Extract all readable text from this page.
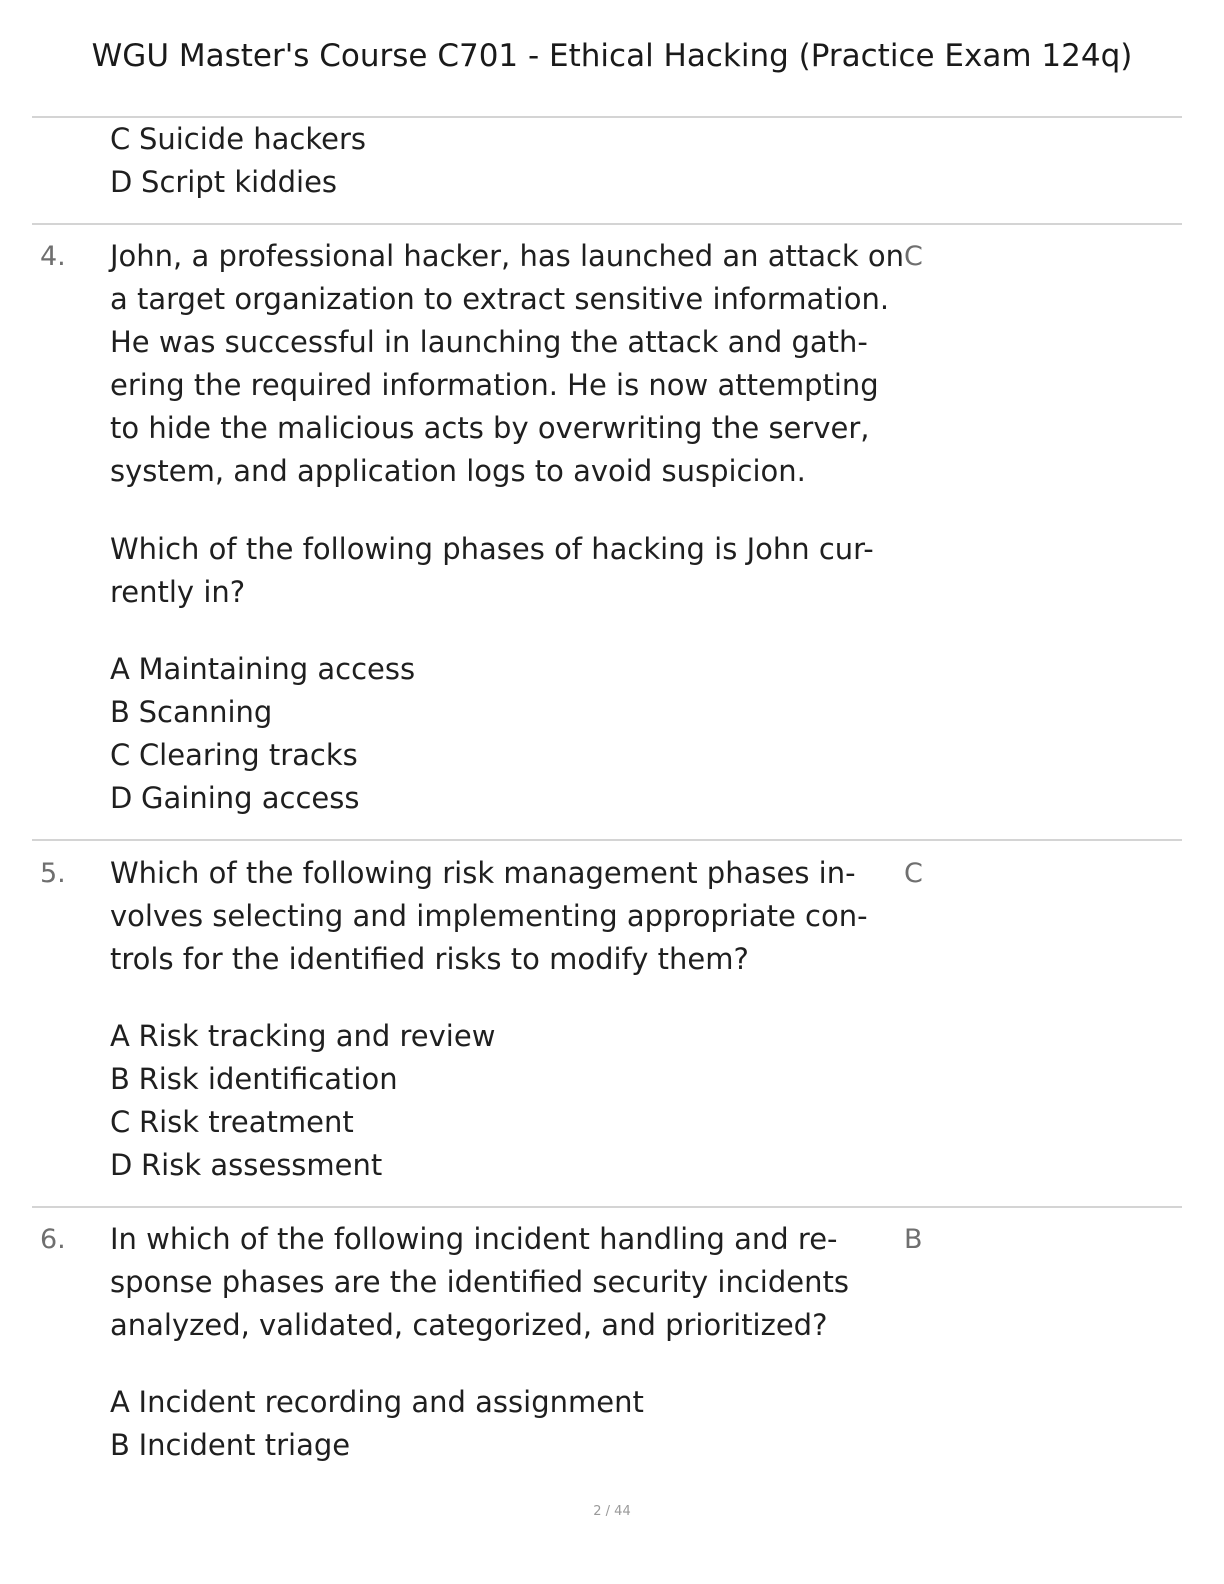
WGU Master's Course C701 - Ethical Hacking (Practice Exam 124q)
C Suicide hackers
D Script kiddies
4.	C
John, a professional hacker, has launched an attack on
a target organization to extract sensitive information.
He was successful in launching the attack and gath-
ering the required information. He is now attempting
to hide the malicious acts by overwriting the server,
system, and application logs to avoid suspicion.
Which of the following phases of hacking is John cur-
rently in?
A Maintaining access
B Scanning
C Clearing tracks
D Gaining access
5.	C
Which of the following risk management phases in-
volves selecting and implementing appropriate con-
trols for the identified risks to modify them?
A Risk tracking and review
B Risk identification
C Risk treatment
D Risk assessment
6.	B
In which of the following incident handling and re-
sponse phases are the identified security incidents
analyzed, validated, categorized, and prioritized?
A Incident recording and assignment
B Incident triage
2 / 44
